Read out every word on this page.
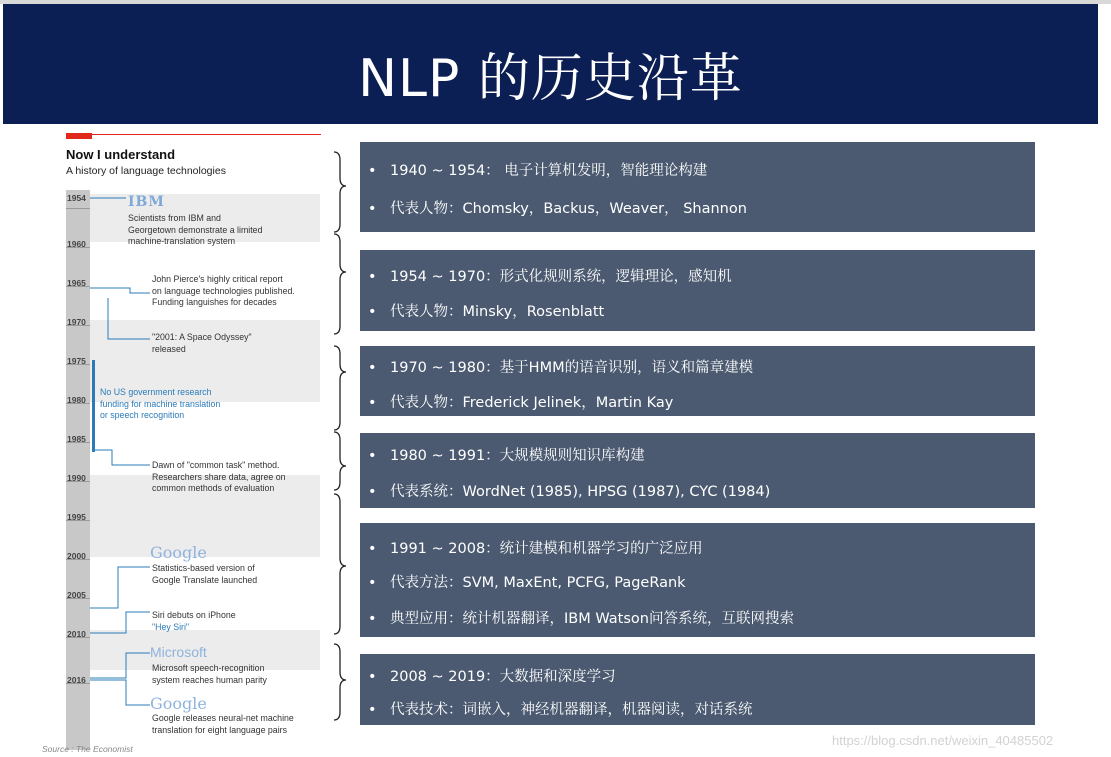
NLP 的历史沿革
Now I understand
A history of language technologies
1954
1960
1965
1970
1975
1980
1985
1990
1995
2000
2005
2010
2016
IBM
Scientists from IBM and
Georgetown demonstrate a limited
machine-translation system
John Pierce's highly critical report
on language technologies published.
Funding languishes for decades
"2001: A Space Odyssey"
released
No US government research
funding for machine translation
or speech recognition
Dawn of "common task" method.
Researchers share data, agree on
common methods of evaluation
Google
Statistics-based version of
Google Translate launched
Siri debuts on iPhone
"Hey Siri"
Microsoft
Microsoft speech-recognition
system reaches human parity
Google
Google releases neural-net machine
translation for eight language pairs
Source : The Economist
• 1940 ~ 1954： 电子计算机发明，智能理论构建
• 代表人物：Chomsky，Backus，Weaver， Shannon
• 1954 ~ 1970：形式化规则系统，逻辑理论，感知机
• 代表人物：Minsky，Rosenblatt
• 1970 ~ 1980：基于HMM的语音识别，语义和篇章建模
• 代表人物：Frederick Jelinek，Martin Kay
• 1980 ~ 1991：大规模规则知识库构建
• 代表系统：WordNet (1985), HPSG (1987), CYC (1984)
• 1991 ~ 2008：统计建模和机器学习的广泛应用
• 代表方法：SVM, MaxEnt, PCFG, PageRank
• 典型应用：统计机器翻译，IBM Watson问答系统，互联网搜索
• 2008 ~ 2019：大数据和深度学习
• 代表技术：词嵌入，神经机器翻译，机器阅读，对话系统
https://blog.csdn.net/weixin_40485502
